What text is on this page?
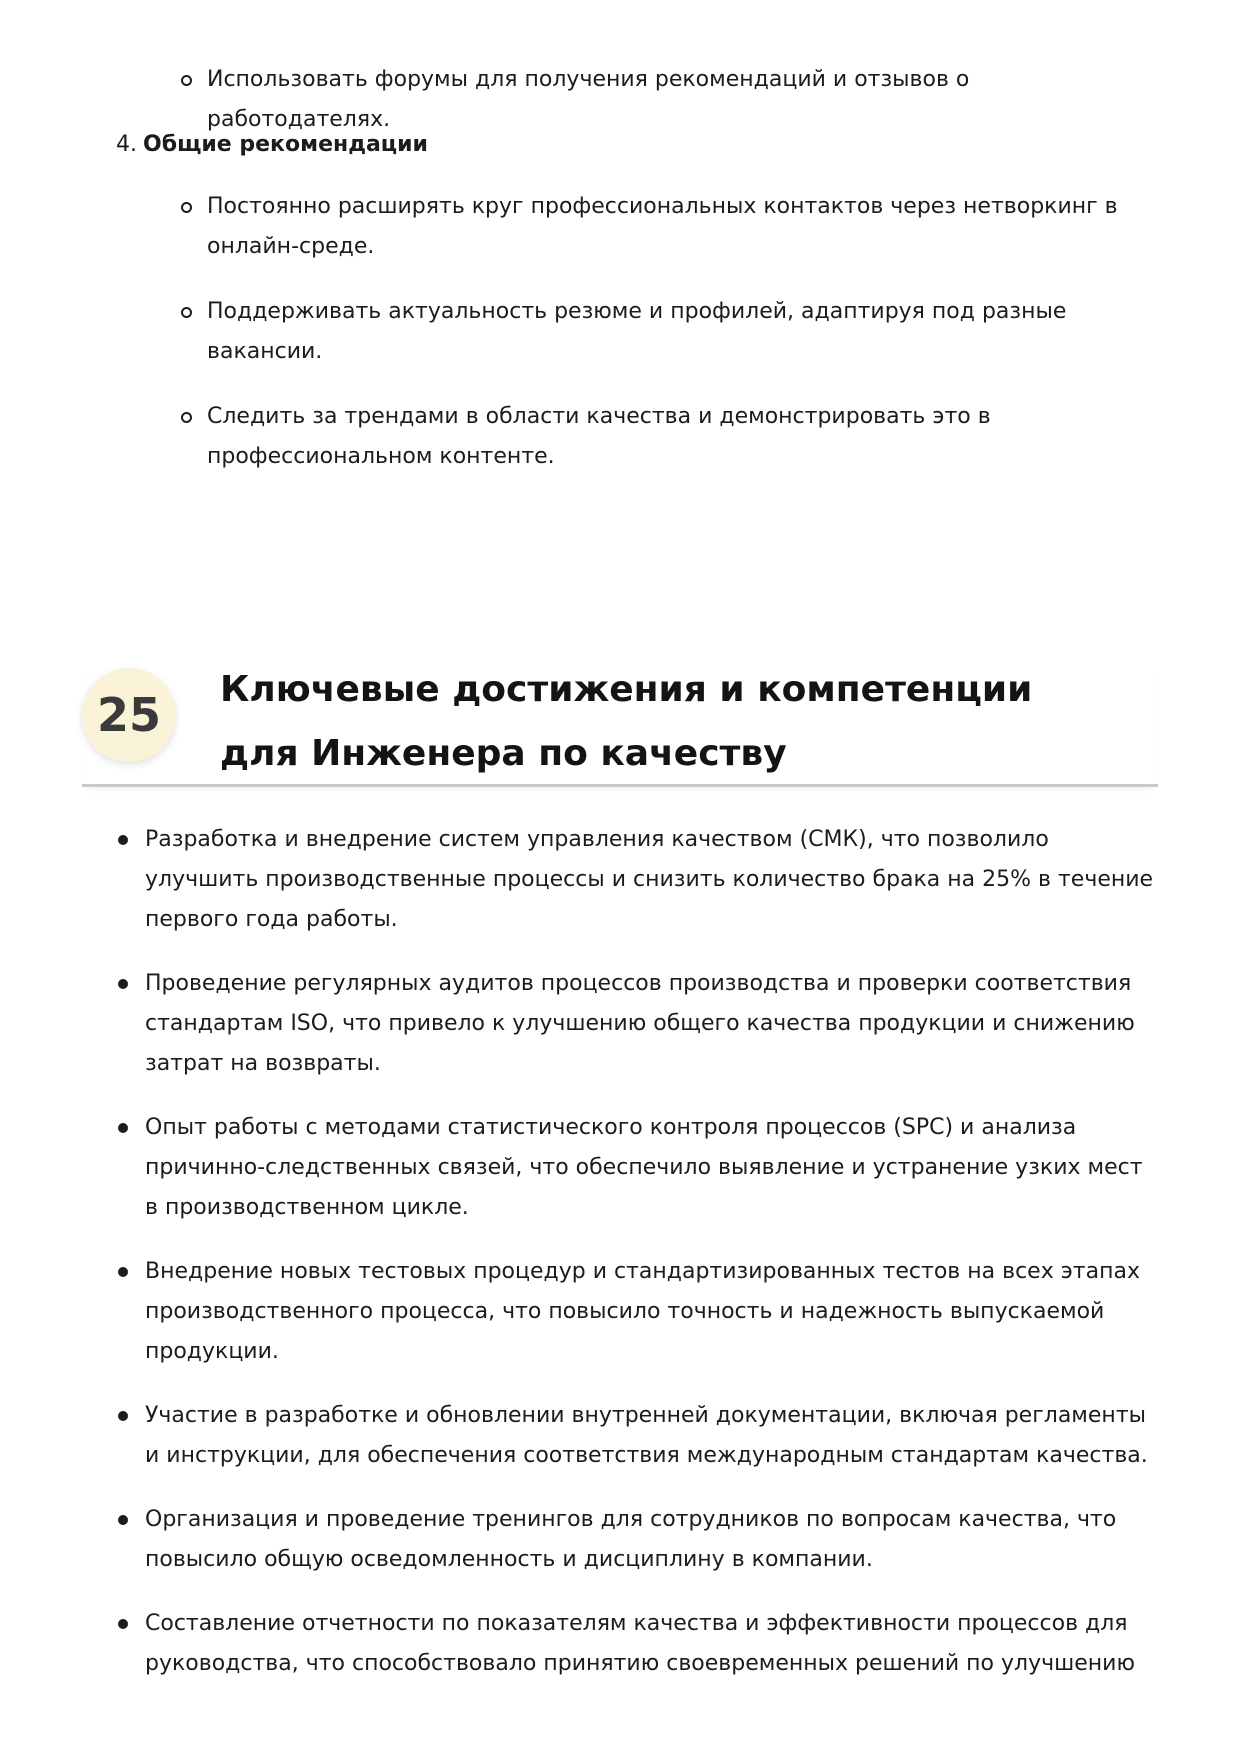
Использовать форумы для получения рекомендаций и отзывов о работодателях.
4. Общие рекомендации
Постоянно расширять круг профессиональных контактов через нетворкинг в онлайн-среде.
Поддерживать актуальность резюме и профилей, адаптируя под разные вакансии.
Следить за трендами в области качества и демонстрировать это в профессиональном контенте.
25	Ключевые достижения и компетенции для Инженера по качеству
Разработка и внедрение систем управления качеством (СМК), что позволило улучшить производственные процессы и снизить количество брака на 25% в течение первого года работы.
Проведение регулярных аудитов процессов производства и проверки соответствия стандартам ISO, что привело к улучшению общего качества продукции и снижению затрат на возвраты.
Опыт работы с методами статистического контроля процессов (SPC) и анализа причинно-следственных связей, что обеспечило выявление и устранение узких мест в производственном цикле.
Внедрение новых тестовых процедур и стандартизированных тестов на всех этапах производственного процесса, что повысило точность и надежность выпускаемой продукции.
Участие в разработке и обновлении внутренней документации, включая регламенты и инструкции, для обеспечения соответствия международным стандартам качества.
Организация и проведение тренингов для сотрудников по вопросам качества, что повысило общую осведомленность и дисциплину в компании.
Составление отчетности по показателям качества и эффективности процессов для руководства, что способствовало принятию своевременных решений по улучшению
